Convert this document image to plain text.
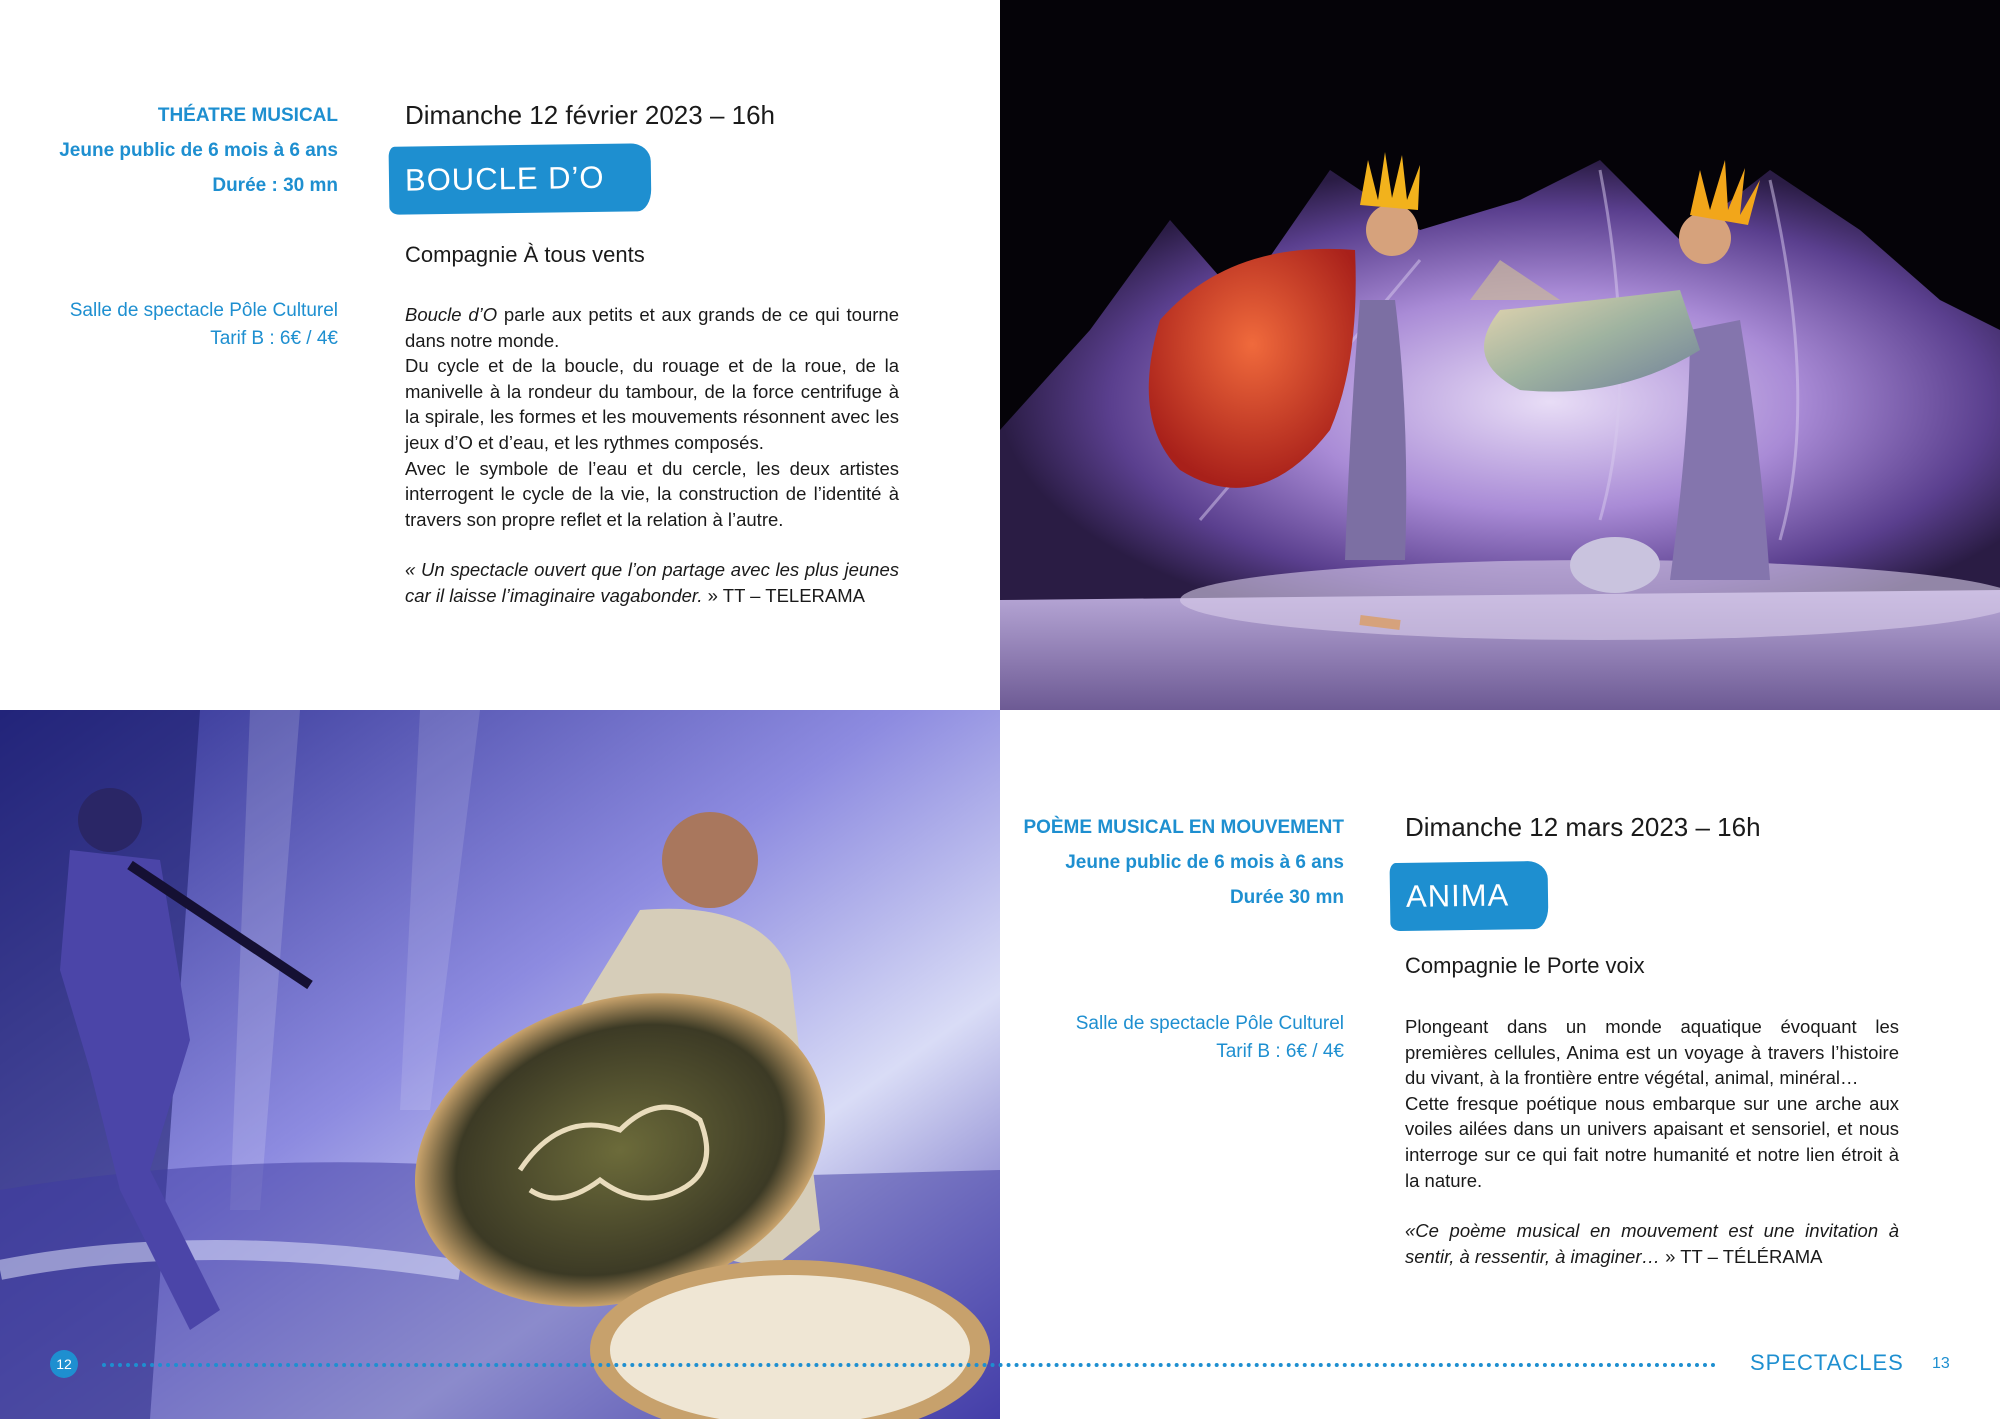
THÉATRE MUSICAL
Jeune public de 6 mois à 6 ans
Durée : 30 mn
Salle de spectacle Pôle Culturel
Tarif B : 6€ / 4€
Dimanche 12 février 2023 – 16h
BOUCLE D’O
Compagnie À tous vents

Boucle d’O parle aux petits et aux grands de ce qui tourne dans notre monde.

Du cycle et de la boucle, du rouage et de la roue, de la manivelle à la rondeur du tambour, de la force centrifuge à la spirale, les formes et les mouvements résonnent avec les jeux d’O et d’eau, et les rythmes composés.

Avec le symbole de l’eau et du cercle, les deux artistes interrogent le cycle de la vie, la construction de l’identité à travers son propre reflet et la relation à l’autre.

« Un spectacle ouvert que l’on partage avec les plus jeunes car il laisse l’imaginaire vagabonder. » TT – TELERAMA

POÈME MUSICAL EN MOUVEMENT
Jeune public de 6 mois à 6 ans
Durée 30 mn
Salle de spectacle Pôle Culturel
Tarif B : 6€ / 4€
Dimanche 12 mars 2023 – 16h
ANIMA
Compagnie le Porte voix

Plongeant dans un monde aquatique évoquant les premières cellules, Anima est un voyage à travers l’histoire du vivant, à la frontière entre végétal, animal, minéral…

Cette fresque poétique nous embarque sur une arche aux voiles ailées dans un univers apaisant et sensoriel, et nous interroge sur ce qui fait notre humanité et notre lien étroit à la nature.

«Ce poème musical en mouvement est une invitation à sentir, à ressentir, à imaginer… » TT – TÉLÉRAMA

12	SPECTACLES 13
